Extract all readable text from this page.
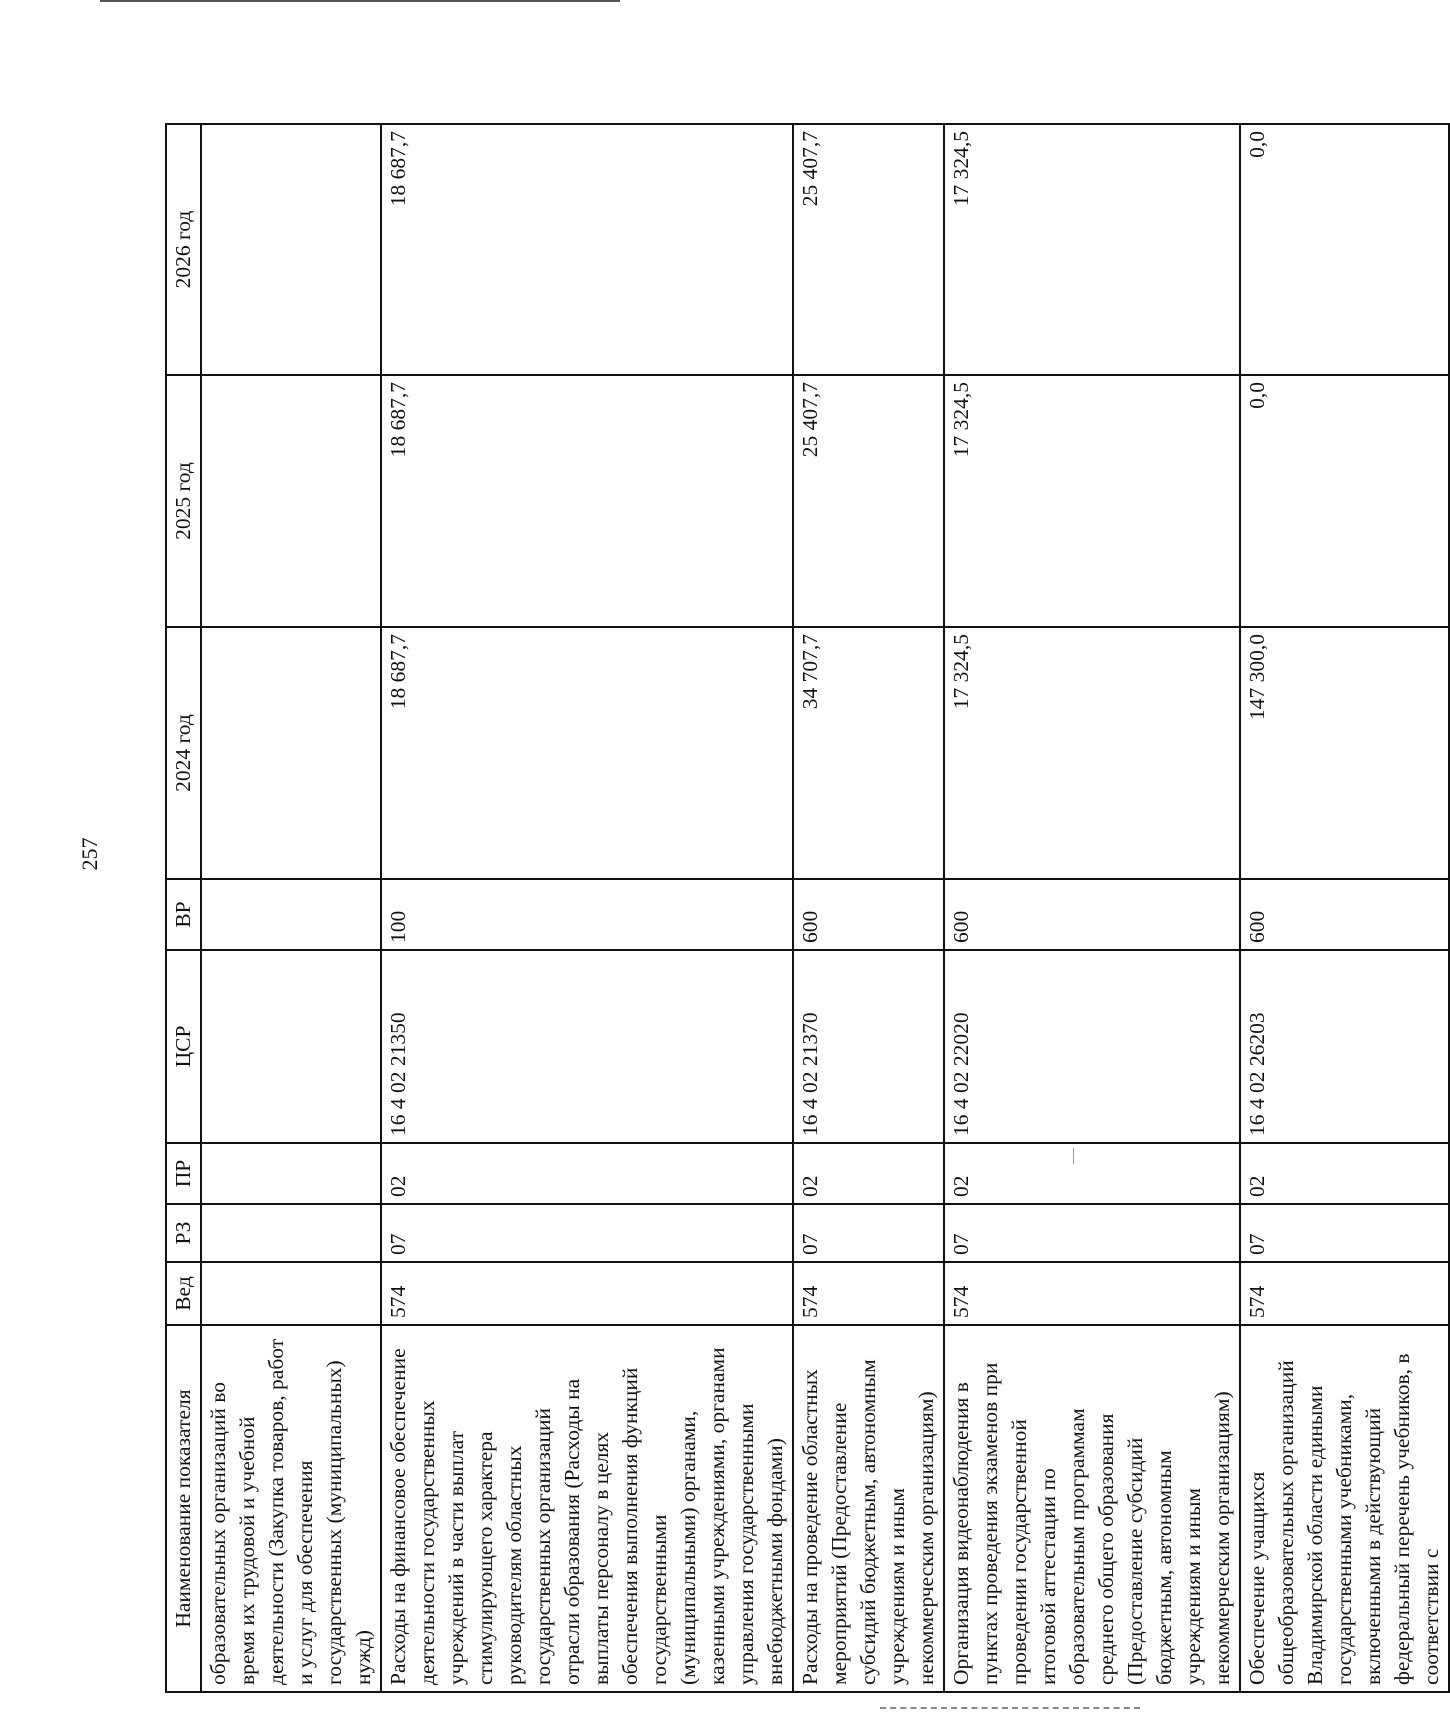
257
Наименование показателя	Вед	РЗ	ПР	ЦСР	ВР	2024 год	2025 год	2026 год
образовательных организаций во время их трудовой и учебной деятельности (Закупка товаров, работ и услуг для обеспечения государственных (муниципальных) нужд)								
Расходы на финансовое обеспечение деятельности государственных учреждений в части выплат стимулирующего характера руководителям областных государственных организаций отрасли образования (Расходы на выплаты персоналу в целях обеспечения выполнения функций государственными (муниципальными) органами, казенными учреждениями, органами управления государственными внебюджетными фондами)	574	07	02	16 4 02 21350	100	18 687,7	18 687,7	18 687,7
Расходы на проведение областных мероприятий (Предоставление субсидий бюджетным, автономным учреждениям и иным некоммерческим организациям)	574	07	02	16 4 02 21370	600	34 707,7	25 407,7	25 407,7
Организация видеонаблюдения в пунктах проведения экзаменов при проведении государственной итоговой аттестации по образовательным программам среднего общего образования (Предоставление субсидий бюджетным, автономным учреждениям и иным некоммерческим организациям)	574	07	02	16 4 02 22020	600	17 324,5	17 324,5	17 324,5
Обеспечение учащихся общеобразовательных организаций Владимирской области едиными государственными учебниками, включенными в действующий федеральный перечень учебников, в соответствии с	574	07	02	16 4 02 26203	600	147 300,0	0,0	0,0
